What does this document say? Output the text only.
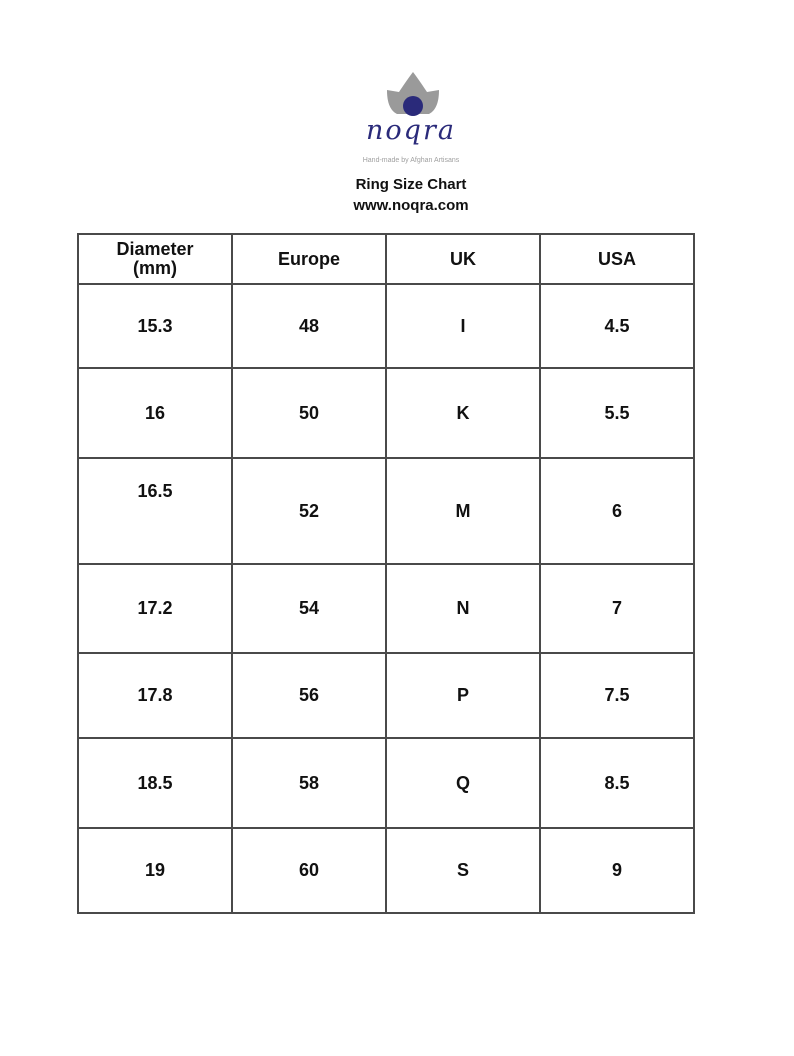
noqra
Hand-made by Afghan Artisans
Ring Size Chart
www.noqra.com
Diameter
(mm)	Europe	UK	USA
15.3	48	I	4.5
16	50	K	5.5
16.5	52	M	6
17.2	54	N	7
17.8	56	P	7.5
18.5	58	Q	8.5
19	60	S	9
